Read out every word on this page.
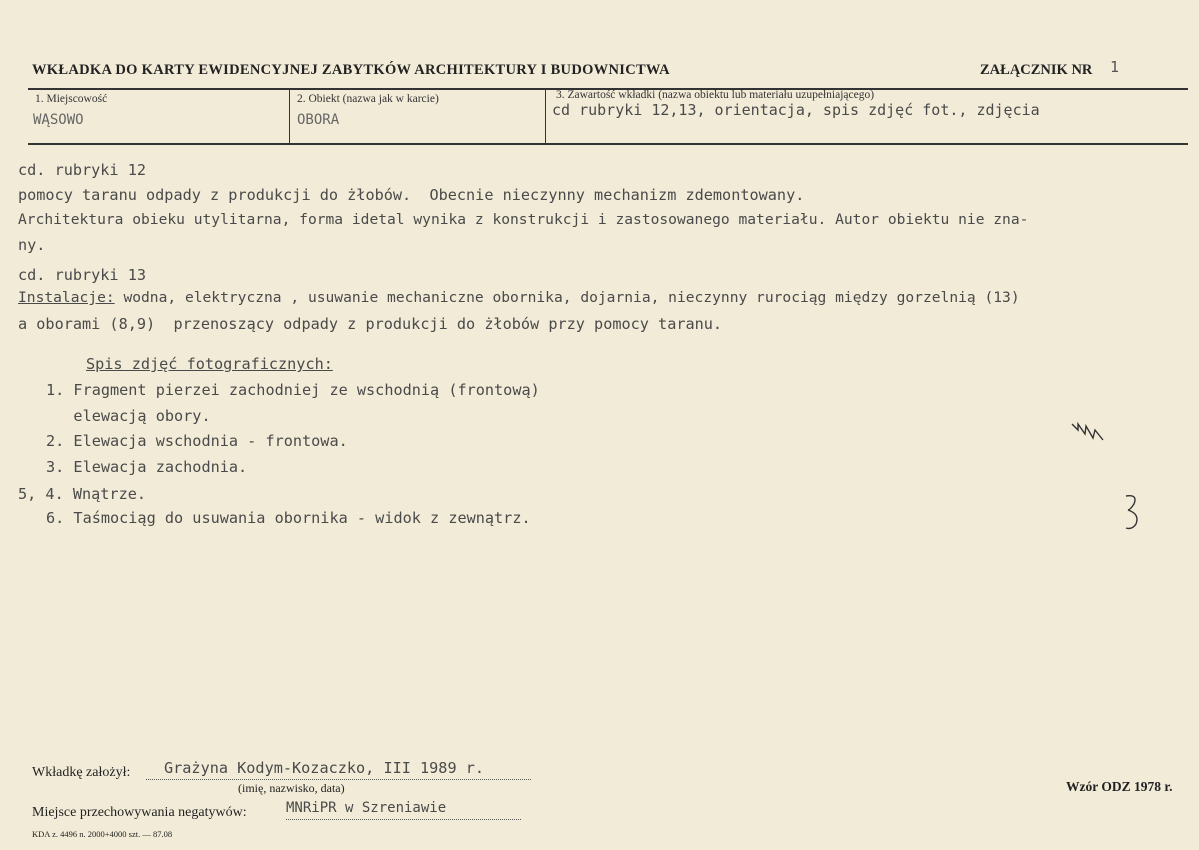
WKŁADKA DO KARTY EWIDENCYJNEJ ZABYTKÓW ARCHITEKTURY I BUDOWNICTWA	ZAŁĄCZNIK NR 1
1. Miejscowość	2. Obiekt (nazwa jak w karcie)	3. Zawartość wkładki (nazwa obiektu lub materiału uzupełniającego)
WĄSOWO	OBORA
cd rubryki 12,13, orientacja, spis zdjęć fot., zdjęcia
cd. rubryki 12
pomocy taranu odpady z produkcji do żłobów.  Obecnie nieczynny mechanizm zdemontowany.
Architektura obieku utylitarna, forma idetal wynika z konstrukcji i zastosowanego materiału. Autor obiektu nie zna-
ny.
cd. rubryki 13
Instalacje: wodna, elektryczna , usuwanie mechaniczne obornika, dojarnia, nieczynny rurociąg między gorzelnią (13)
a oborami (8,9)  przenoszący odpady z produkcji do żłobów przy pomocy taranu.
Spis zdjęć fotograficznych:
1. Fragment pierzei zachodniej ze wschodnią (frontową)
elewacją obory.
2. Elewacja wschodnia - frontowa.
3. Elewacja zachodnia.
5, 4. Wnątrze.
6. Taśmociąg do usuwania obornika - widok z zewnątrz.
Wkładkę założył: Grażyna Kodym-Kozaczko, III 1989 r.
(imię, nazwisko, data)
Miejsce przechowywania negatywów:	MNRiPR w Szreniawie
Wzór ODZ 1978 r.
KDA z. 4496 n. 2000+4000 szt. — 87.08
